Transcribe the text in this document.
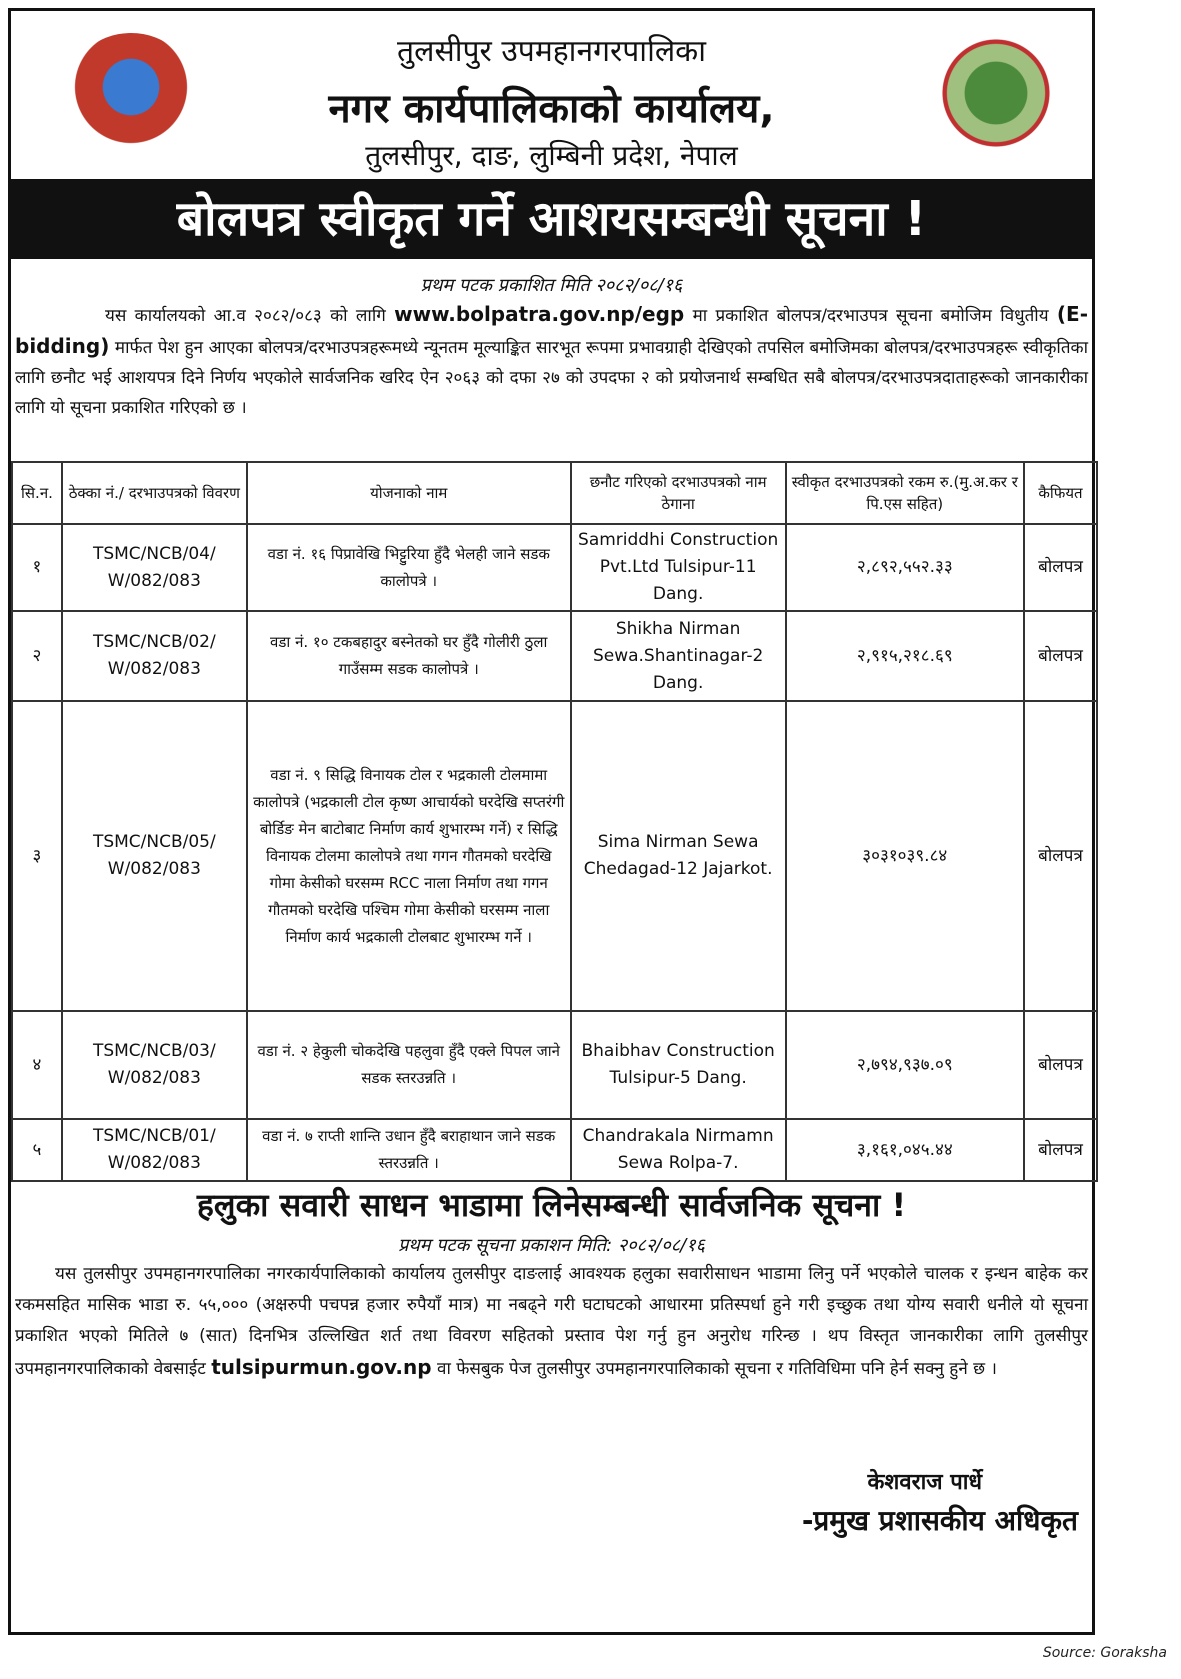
तुलसीपुर उपमहानगरपालिका
नगर कार्यपालिकाको कार्यालय,
तुलसीपुर, दाङ, लुम्बिनी प्रदेश, नेपाल
बोलपत्र स्वीकृत गर्ने आशयसम्बन्धी सूचना !
प्रथम पटक प्रकाशित मिति २०८२/०८/१६
यस कार्यालयको आ.व २०८२/०८३ को लागि www.bolpatra.gov.np/egp मा प्रकाशित बोलपत्र/दरभाउपत्र सूचना बमोजिम विधुतीय (E-bidding) मार्फत पेश हुन आएका बोलपत्र/दरभाउपत्रहरूमध्ये न्यूनतम मूल्याङ्कित सारभूत रूपमा प्रभावग्राही देखिएको तपसिल बमोजिमका बोलपत्र/दरभाउपत्रहरू स्वीकृतिका लागि छनौट भई आशयपत्र दिने निर्णय भएकोले सार्वजनिक खरिद ऐन २०६३ को दफा २७ को उपदफा २ को प्रयोजनार्थ सम्बधित सबै बोलपत्र/दरभाउपत्रदाताहरूको जानकारीका लागि यो सूचना प्रकाशित गरिएको छ ।
सि.न.	ठेक्का नं./ दरभाउपत्रको विवरण	योजनाको नाम	छनौट गरिएको दरभाउपत्रको नाम ठेगाना	स्वीकृत दरभाउपत्रको रकम रु.(मु.अ.कर र पि.एस सहित)	कैफियत
१	TSMC/NCB/04/ W/082/083	वडा नं. १६ पिप्रावेखि भिट्टुरिया हुँदै भेलही जाने सडक कालोपत्रे ।	Samriddhi Construction Pvt.Ltd Tulsipur-11 Dang.	२,८९२,५५२.३३	बोलपत्र
२	TSMC/NCB/02/ W/082/083	वडा नं. १० टकबहादुर बस्नेतको घर हुँदै गोलीरी ठुला गाउँसम्म सडक कालोपत्रे ।	Shikha Nirman Sewa.Shantinagar-2 Dang.	२,९१५,२१८.६९	बोलपत्र
३	TSMC/NCB/05/ W/082/083	वडा नं. ९ सिद्धि विनायक टोल र भद्रकाली टोलमामा कालोपत्रे (भद्रकाली टोल कृष्ण आचार्यको घरदेखि सप्तरंगी बोर्डिङ मेन बाटोबाट निर्माण कार्य शुभारम्भ गर्ने) र सिद्धि विनायक टोलमा कालोपत्रे तथा गगन गौतमको घरदेखि गोमा केसीको घरसम्म RCC नाला निर्माण तथा गगन गौतमको घरदेखि पश्चिम गोमा केसीको घरसम्म नाला निर्माण कार्य भद्रकाली टोलबाट शुभारम्भ गर्ने ।	Sima Nirman Sewa Chedagad-12 Jajarkot.	३०३१०३९.८४	बोलपत्र
४	TSMC/NCB/03/ W/082/083	वडा नं. २ हेकुली चोकदेखि पहलुवा हुँदै एक्ले पिपल जाने सडक स्तरउन्नति ।	Bhaibhav Construction Tulsipur-5 Dang.	२,७९४,९३७.०९	बोलपत्र
५	TSMC/NCB/01/ W/082/083	वडा नं. ७ राप्ती शान्ति उधान हुँदै बराहाथान जाने सडक स्तरउन्नति ।	Chandrakala Nirmamn Sewa Rolpa-7.	३,१६१,०४५.४४	बोलपत्र
हलुका सवारी साधन भाडामा लिनेसम्बन्धी सार्वजनिक सूचना !
प्रथम पटक सूचना प्रकाशन मिति: २०८२/०८/१६
यस तुलसीपुर उपमहानगरपालिका नगरकार्यपालिकाको कार्यालय तुलसीपुर दाङलाई आवश्यक हलुका सवारीसाधन भाडामा लिनु पर्ने भएकोले चालक र इन्धन बाहेक कर रकमसहित मासिक भाडा रु. ५५,००० (अक्षरुपी पचपन्न हजार रुपैयाँ मात्र) मा नबढ्ने गरी घटाघटको आधारमा प्रतिस्पर्धा हुने गरी इच्छुक तथा योग्य सवारी धनीले यो सूचना प्रकाशित भएको मितिले ७ (सात) दिनभित्र उल्लिखित शर्त तथा विवरण सहितको प्रस्ताव पेश गर्नु हुन अनुरोध गरिन्छ । थप विस्तृत जानकारीका लागि तुलसीपुर उपमहानगरपालिकाको वेबसाईट tulsipurmun.gov.np वा फेसबुक पेज तुलसीपुर उपमहानगरपालिकाको सूचना र गतिविधिमा पनि हेर्न सक्नु हुने छ ।
केशवराज पार्धे
-प्रमुख प्रशासकीय अधिकृत
Source: Goraksha
